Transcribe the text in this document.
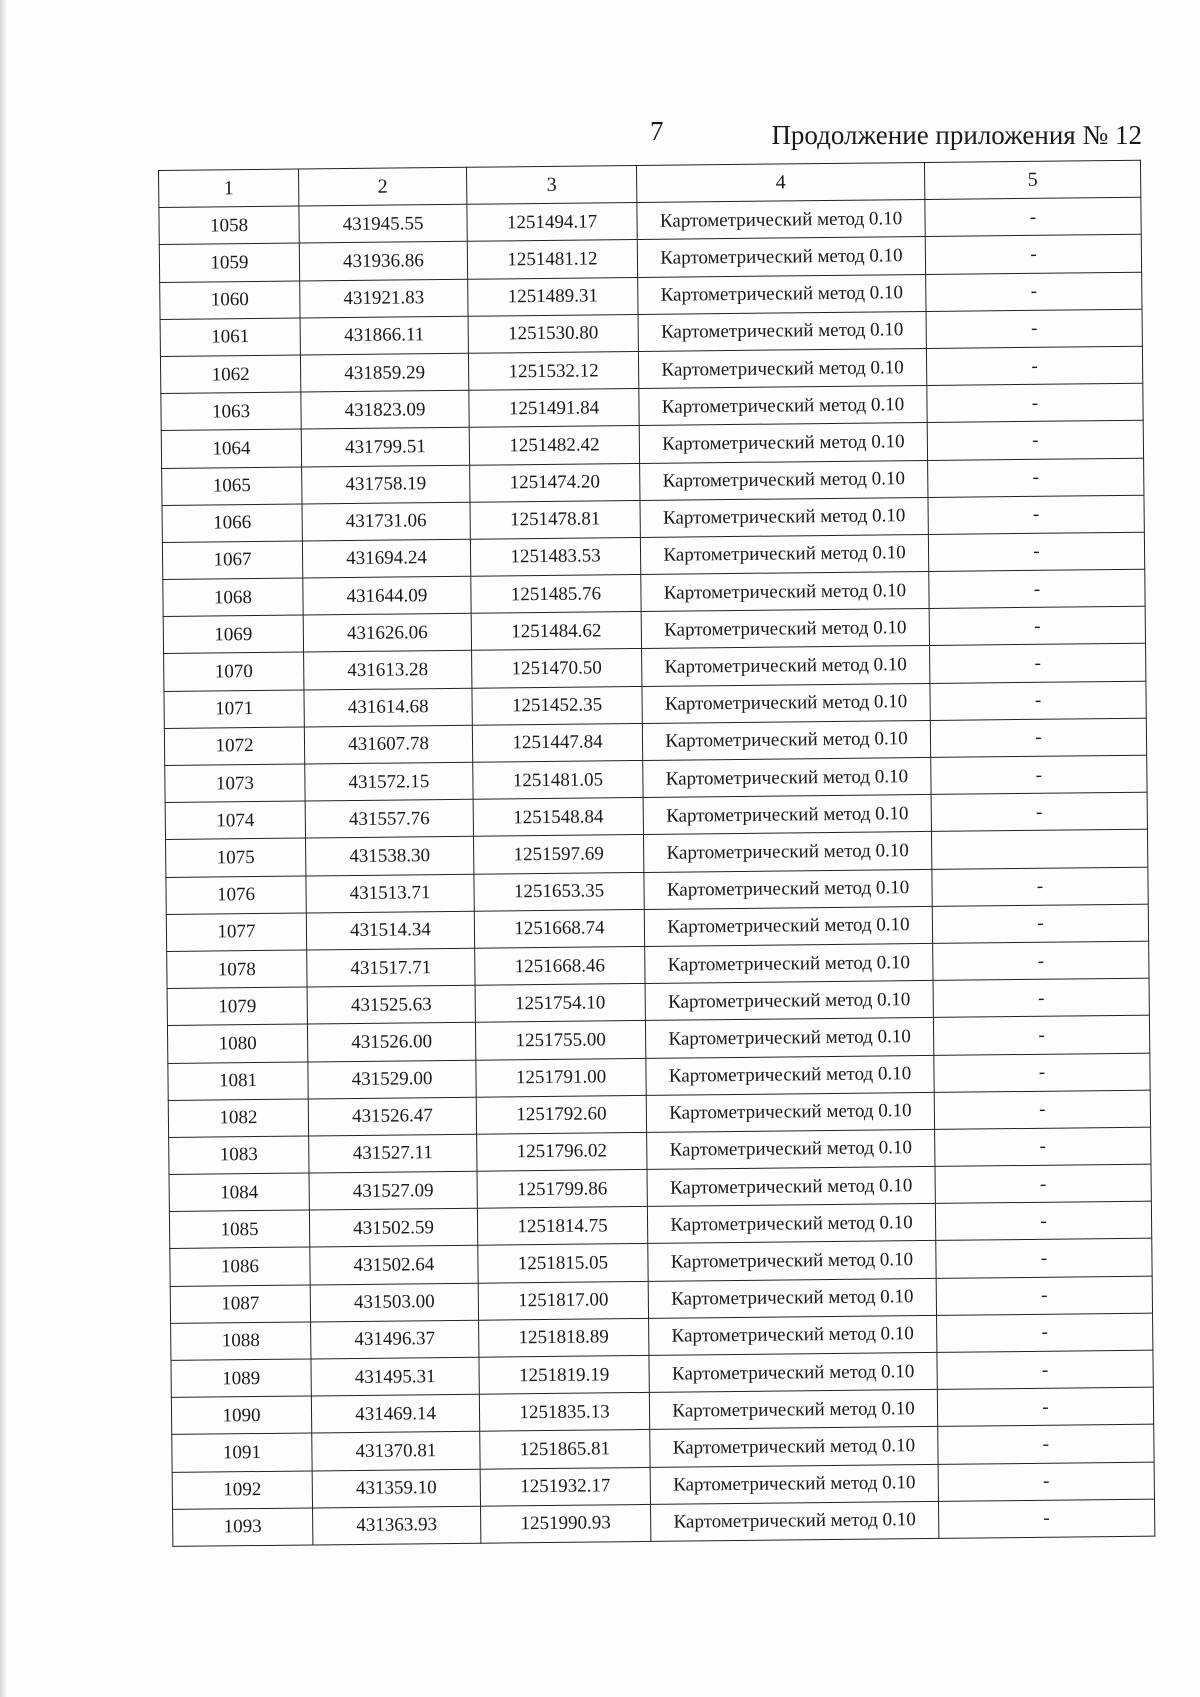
7	Продолжение приложения № 12
1	2	3	4	5
1058	431945.55	1251494.17	Картометрический метод 0.10	-
1059	431936.86	1251481.12	Картометрический метод 0.10	-
1060	431921.83	1251489.31	Картометрический метод 0.10	-
1061	431866.11	1251530.80	Картометрический метод 0.10	-
1062	431859.29	1251532.12	Картометрический метод 0.10	-
1063	431823.09	1251491.84	Картометрический метод 0.10	-
1064	431799.51	1251482.42	Картометрический метод 0.10	-
1065	431758.19	1251474.20	Картометрический метод 0.10	-
1066	431731.06	1251478.81	Картометрический метод 0.10	-
1067	431694.24	1251483.53	Картометрический метод 0.10	-
1068	431644.09	1251485.76	Картометрический метод 0.10	-
1069	431626.06	1251484.62	Картометрический метод 0.10	-
1070	431613.28	1251470.50	Картометрический метод 0.10	-
1071	431614.68	1251452.35	Картометрический метод 0.10	-
1072	431607.78	1251447.84	Картометрический метод 0.10	-
1073	431572.15	1251481.05	Картометрический метод 0.10	-
1074	431557.76	1251548.84	Картометрический метод 0.10	-
1075	431538.30	1251597.69	Картометрический метод 0.10	
1076	431513.71	1251653.35	Картометрический метод 0.10	-
1077	431514.34	1251668.74	Картометрический метод 0.10	-
1078	431517.71	1251668.46	Картометрический метод 0.10	-
1079	431525.63	1251754.10	Картометрический метод 0.10	-
1080	431526.00	1251755.00	Картометрический метод 0.10	-
1081	431529.00	1251791.00	Картометрический метод 0.10	-
1082	431526.47	1251792.60	Картометрический метод 0.10	-
1083	431527.11	1251796.02	Картометрический метод 0.10	-
1084	431527.09	1251799.86	Картометрический метод 0.10	-
1085	431502.59	1251814.75	Картометрический метод 0.10	-
1086	431502.64	1251815.05	Картометрический метод 0.10	-
1087	431503.00	1251817.00	Картометрический метод 0.10	-
1088	431496.37	1251818.89	Картометрический метод 0.10	-
1089	431495.31	1251819.19	Картометрический метод 0.10	-
1090	431469.14	1251835.13	Картометрический метод 0.10	-
1091	431370.81	1251865.81	Картометрический метод 0.10	-
1092	431359.10	1251932.17	Картометрический метод 0.10	-
1093	431363.93	1251990.93	Картометрический метод 0.10	-
